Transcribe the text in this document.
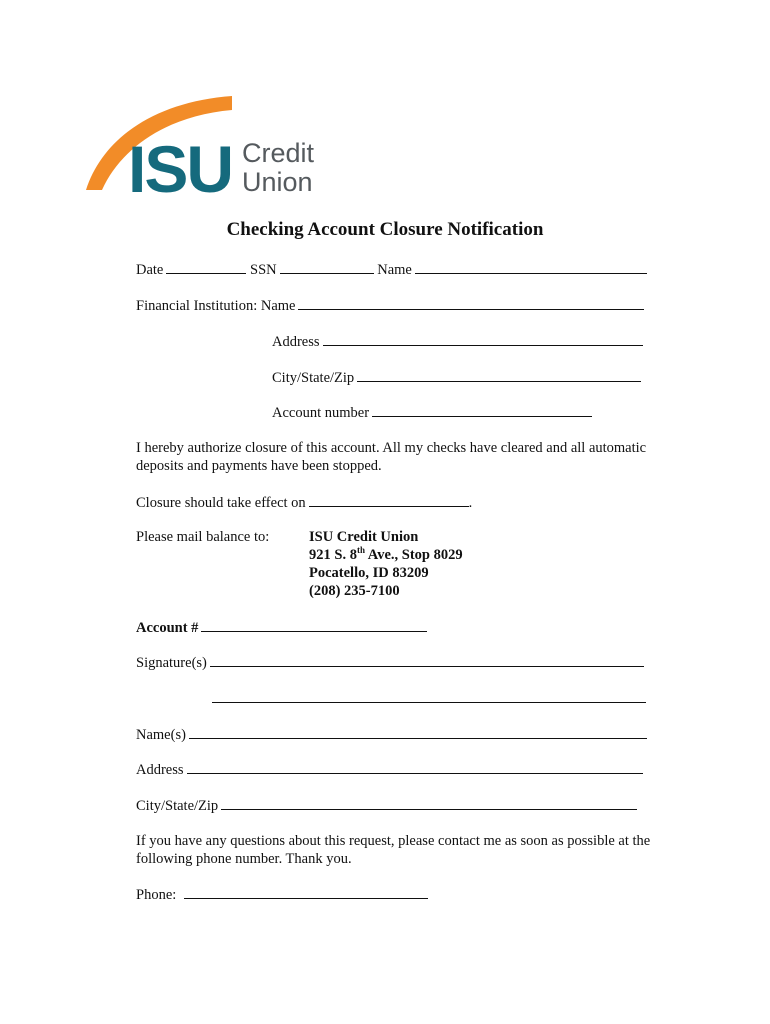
ISU Credit
Union
Checking Account Closure Notification
Date	SSN	Name
Financial Institution: Name
Address
City/State/Zip
Account number
I hereby authorize closure of this account. All my checks have cleared and all automatic deposits and payments have been stopped.
Closure should take effect on	.
Please mail balance to:	ISU Credit Union
921 S. 8th Ave., Stop 8029
Pocatello, ID 83209
(208) 235-7100
Account #
Signature(s)
Name(s)
Address
City/State/Zip
If you have any questions about this request, please contact me as soon as possible at the following phone number. Thank you.
Phone:
